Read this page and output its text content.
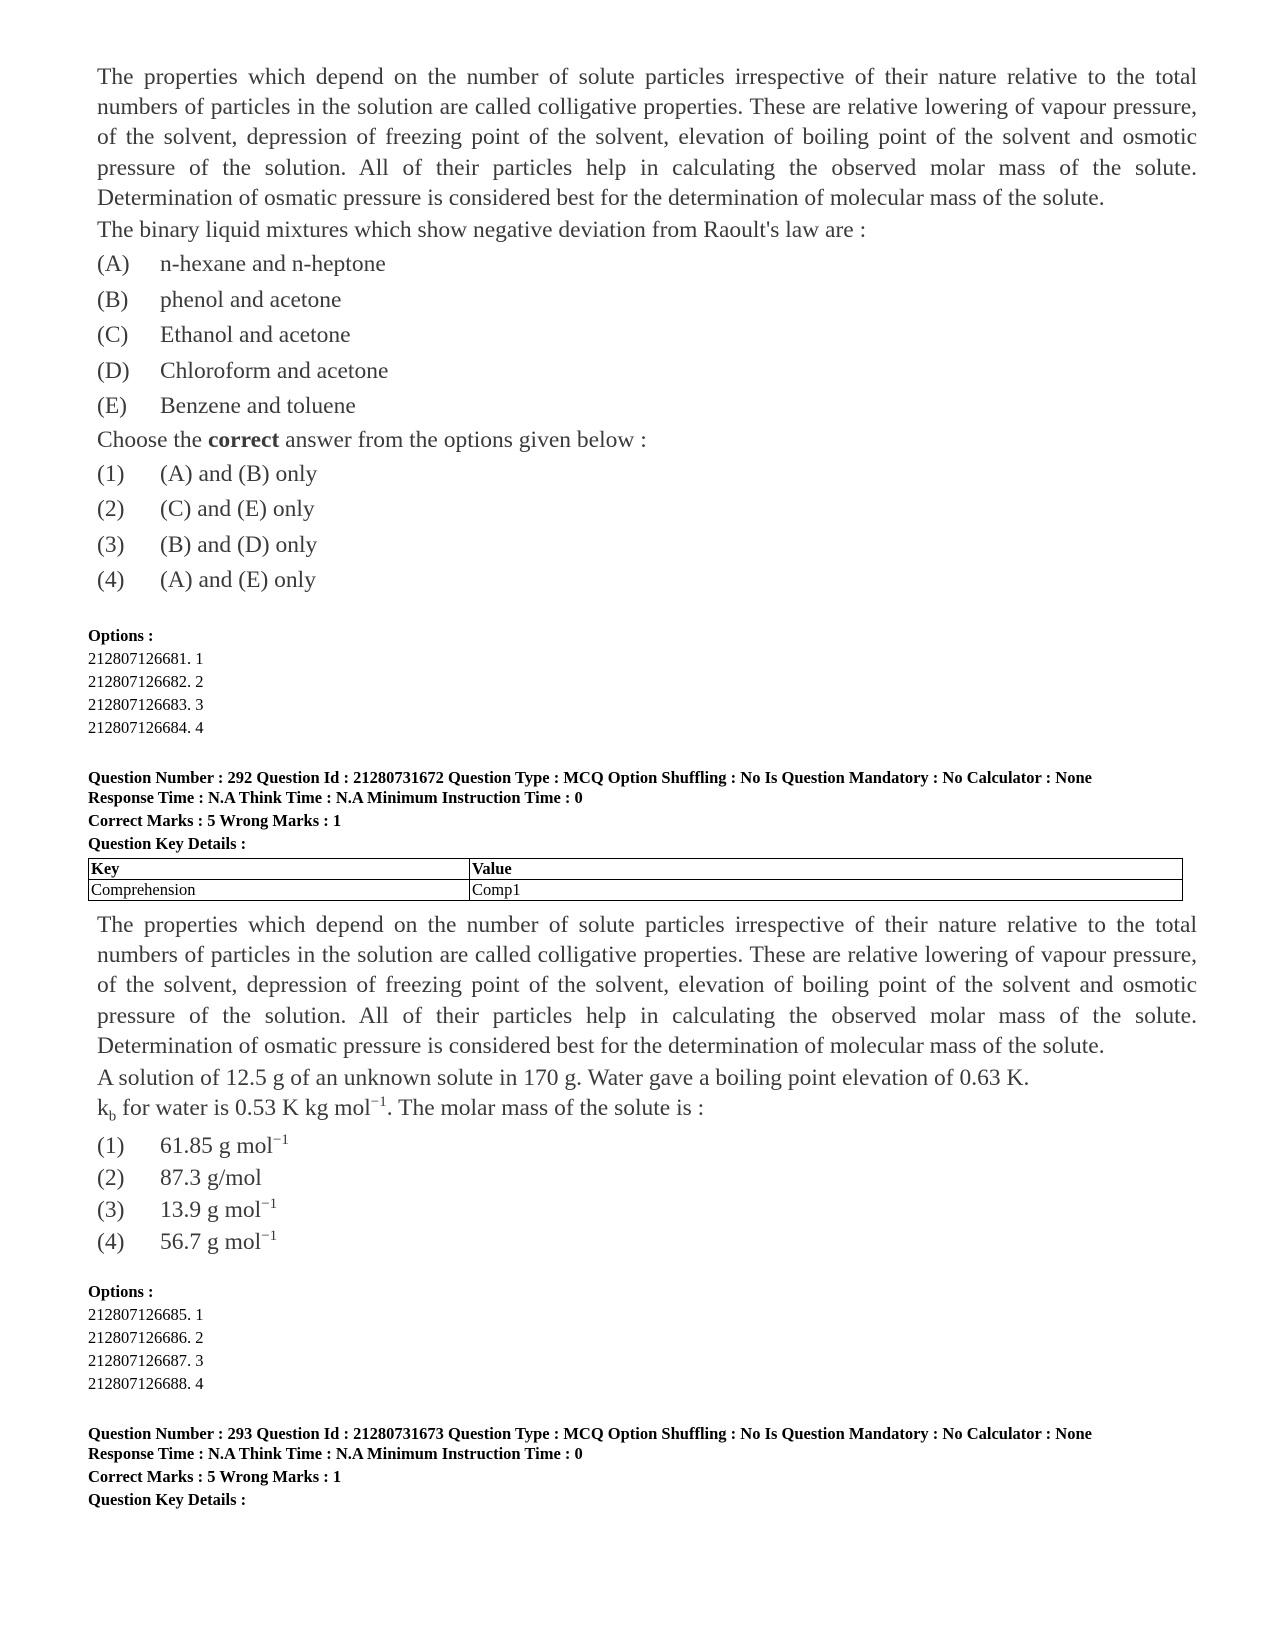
The properties which depend on the number of solute particles irrespective of their nature relative to the total numbers of particles in the solution are called colligative properties. These are relative lowering of vapour pressure, of the solvent, depression of freezing point of the solvent, elevation of boiling point of the solvent and osmotic pressure of the solution. All of their particles help in calculating the observed molar mass of the solute. Determination of osmatic pressure is considered best for the determination of molecular mass of the solute.

The binary liquid mixtures which show negative deviation from Raoult's law are :

(A)	n-hexane and n-heptone
(B)	phenol and acetone
(C)	Ethanol and acetone
(D)	Chloroform and acetone
(E)	Benzene and toluene

Choose the correct answer from the options given below :

(1)	(A) and (B) only
(2)	(C) and (E) only
(3)	(B) and (D) only
(4)	(A) and (E) only
Options :
212807126681. 1
212807126682. 2
212807126683. 3
212807126684. 4
Question Number : 292 Question Id : 21280731672 Question Type : MCQ Option Shuffling : No Is Question Mandatory : No Calculator : None
Response Time : N.A Think Time : N.A Minimum Instruction Time : 0
Correct Marks : 5 Wrong Marks : 1
Question Key Details :
Key	Value
Comprehension	Comp1

The properties which depend on the number of solute particles irrespective of their nature relative to the total numbers of particles in the solution are called colligative properties. These are relative lowering of vapour pressure, of the solvent, depression of freezing point of the solvent, elevation of boiling point of the solvent and osmotic pressure of the solution. All of their particles help in calculating the observed molar mass of the solute. Determination of osmatic pressure is considered best for the determination of molecular mass of the solute.

A solution of 12.5 g of an unknown solute in 170 g. Water gave a boiling point elevation of 0.63 K.
$k_b$ for water is 0.53 K kg mol$^{-1}$. The molar mass of the solute is :

(1)	61.85 g mol$^{-1}$
(2)	87.3 g/mol
(3)	13.9 g mol$^{-1}$
(4)	56.7 g mol$^{-1}$
Options :
212807126685. 1
212807126686. 2
212807126687. 3
212807126688. 4
Question Number : 293 Question Id : 21280731673 Question Type : MCQ Option Shuffling : No Is Question Mandatory : No Calculator : None
Response Time : N.A Think Time : N.A Minimum Instruction Time : 0
Correct Marks : 5 Wrong Marks : 1
Question Key Details :
